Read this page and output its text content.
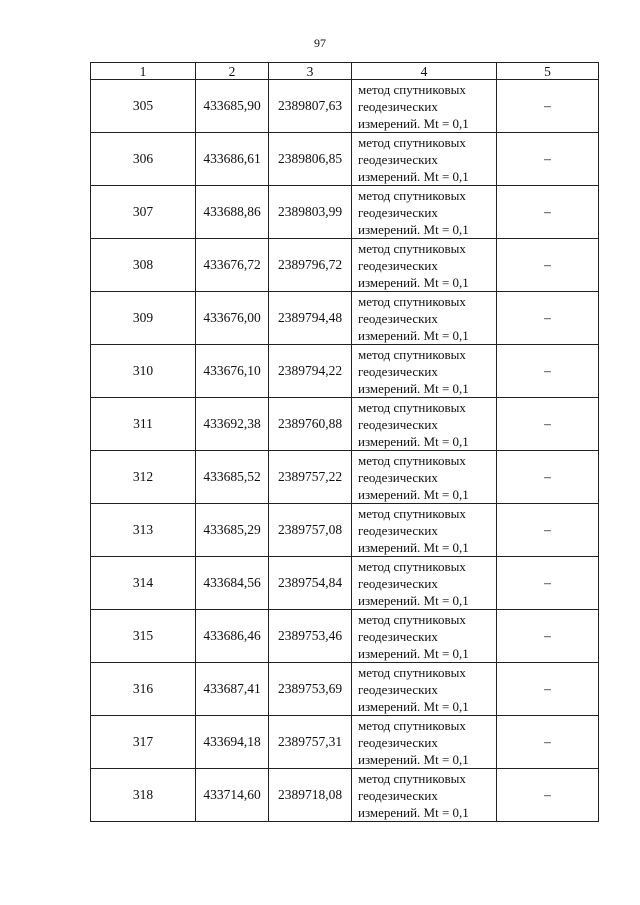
97
1	2	3	4	5
305	433685,90	2389807,63	метод спутниковых
геодезических
измерений. Mt = 0,1	–
306	433686,61	2389806,85	метод спутниковых
геодезических
измерений. Mt = 0,1	–
307	433688,86	2389803,99	метод спутниковых
геодезических
измерений. Mt = 0,1	–
308	433676,72	2389796,72	метод спутниковых
геодезических
измерений. Mt = 0,1	–
309	433676,00	2389794,48	метод спутниковых
геодезических
измерений. Mt = 0,1	–
310	433676,10	2389794,22	метод спутниковых
геодезических
измерений. Mt = 0,1	–
311	433692,38	2389760,88	метод спутниковых
геодезических
измерений. Mt = 0,1	–
312	433685,52	2389757,22	метод спутниковых
геодезических
измерений. Mt = 0,1	–
313	433685,29	2389757,08	метод спутниковых
геодезических
измерений. Mt = 0,1	–
314	433684,56	2389754,84	метод спутниковых
геодезических
измерений. Mt = 0,1	–
315	433686,46	2389753,46	метод спутниковых
геодезических
измерений. Mt = 0,1	–
316	433687,41	2389753,69	метод спутниковых
геодезических
измерений. Mt = 0,1	–
317	433694,18	2389757,31	метод спутниковых
геодезических
измерений. Mt = 0,1	–
318	433714,60	2389718,08	метод спутниковых
геодезических
измерений. Mt = 0,1	–
